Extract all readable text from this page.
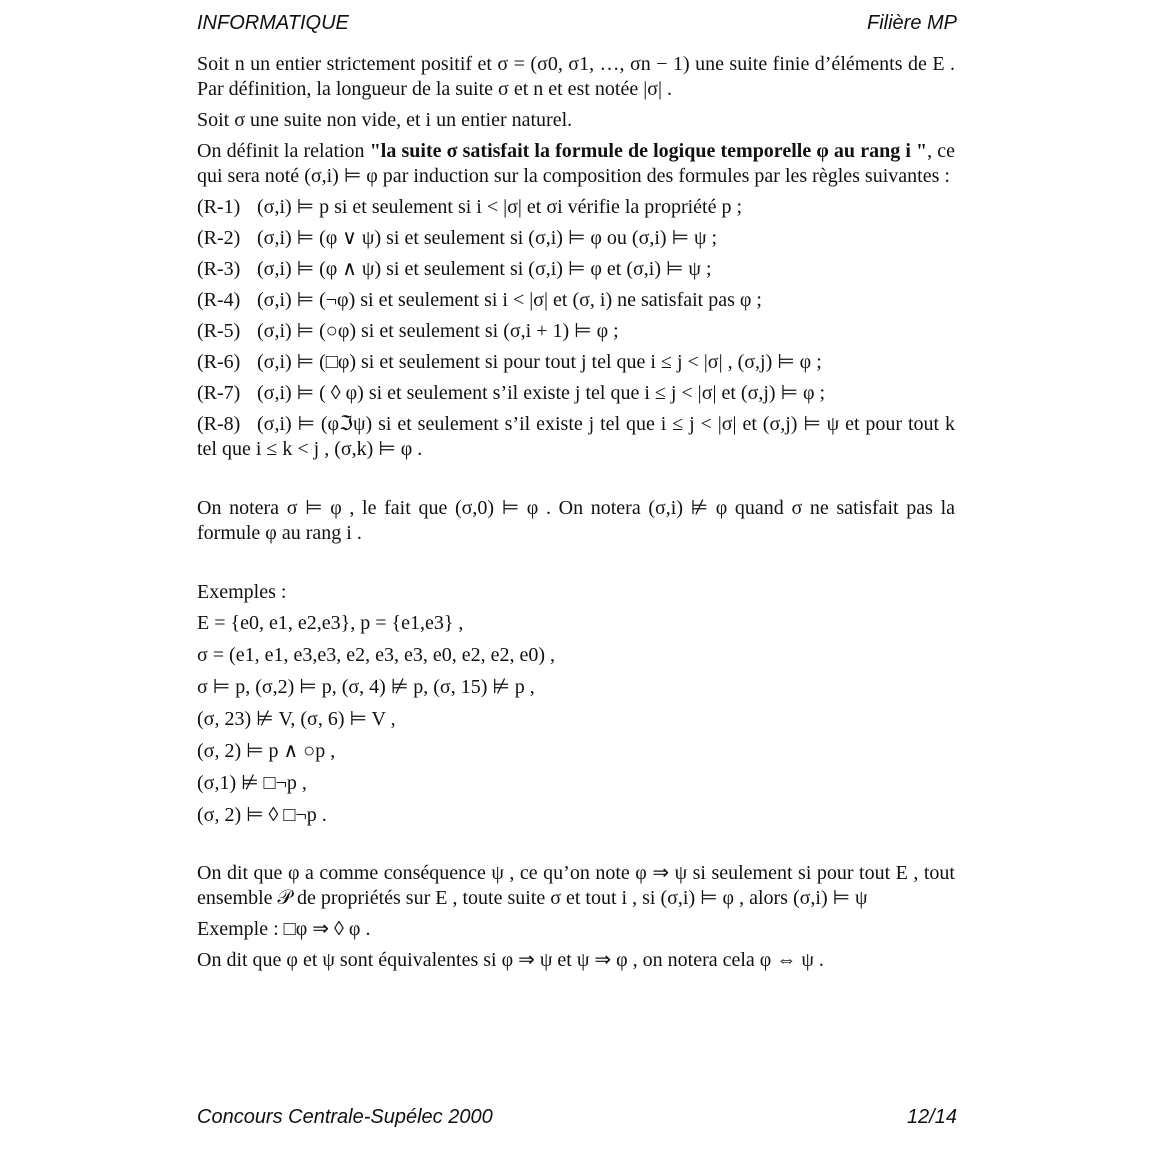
INFORMATIQUE	Filière MP

Soit n un entier strictement positif et σ = (σ0, σ1, …, σn − 1) une suite finie d’éléments de E . Par définition, la longueur de la suite σ et n et est notée |σ| .

Soit σ une suite non vide, et i un entier naturel.

On définit la relation "la suite σ satisfait la formule de logique temporelle φ au rang i ", ce qui sera noté (σ,i) ⊨ φ par induction sur la composition des formules par les règles suivantes :

(R-1) (σ,i) ⊨ p si et seulement si i < |σ| et σi vérifie la propriété p ;
(R-2) (σ,i) ⊨ (φ ∨ ψ) si et seulement si (σ,i) ⊨ φ ou (σ,i) ⊨ ψ ;
(R-3) (σ,i) ⊨ (φ ∧ ψ) si et seulement si (σ,i) ⊨ φ et (σ,i) ⊨ ψ ;
(R-4) (σ,i) ⊨ (¬φ) si et seulement si i < |σ| et (σ, i) ne satisfait pas φ ;
(R-5) (σ,i) ⊨ (○φ) si et seulement si (σ,i + 1) ⊨ φ ;
(R-6) (σ,i) ⊨ (□φ) si et seulement si pour tout j tel que i ≤ j < |σ| , (σ,j) ⊨ φ ;
(R-7) (σ,i) ⊨ ( ◊ φ) si et seulement s’il existe j tel que i ≤ j < |σ| et (σ,j) ⊨ φ ;
(R-8) (σ,i) ⊨ (φℑψ) si et seulement s’il existe j tel que i ≤ j < |σ| et (σ,j) ⊨ ψ et pour tout k tel que i ≤ k < j , (σ,k) ⊨ φ .

On notera σ ⊨ φ , le fait que (σ,0) ⊨ φ . On notera (σ,i) ⊭ φ quand σ ne satisfait pas la formule φ au rang i .

Exemples :

E = {e0, e1, e2,e3}, p = {e1,e3} ,
σ = (e1, e1, e3,e3, e2, e3, e3, e0, e2, e2, e0) ,
σ ⊨ p, (σ,2) ⊨ p, (σ, 4) ⊭ p, (σ, 15) ⊭ p ,
(σ, 23) ⊭ V, (σ, 6) ⊨ V ,
(σ, 2) ⊨ p ∧ ○p ,
(σ,1) ⊭ □¬p ,
(σ, 2) ⊨ ◊ □¬p .

On dit que φ a comme conséquence ψ , ce qu’on note φ ⇒ ψ si seulement si pour tout E , tout ensemble 𝒫 de propriétés sur E , toute suite σ et tout i , si (σ,i) ⊨ φ , alors (σ,i) ⊨ ψ

Exemple : □φ ⇒ ◊ φ .

On dit que φ et ψ sont équivalentes si φ ⇒ ψ et ψ ⇒ φ , on notera cela φ ⇔ ψ .

Concours Centrale-Supélec 2000	12/14
